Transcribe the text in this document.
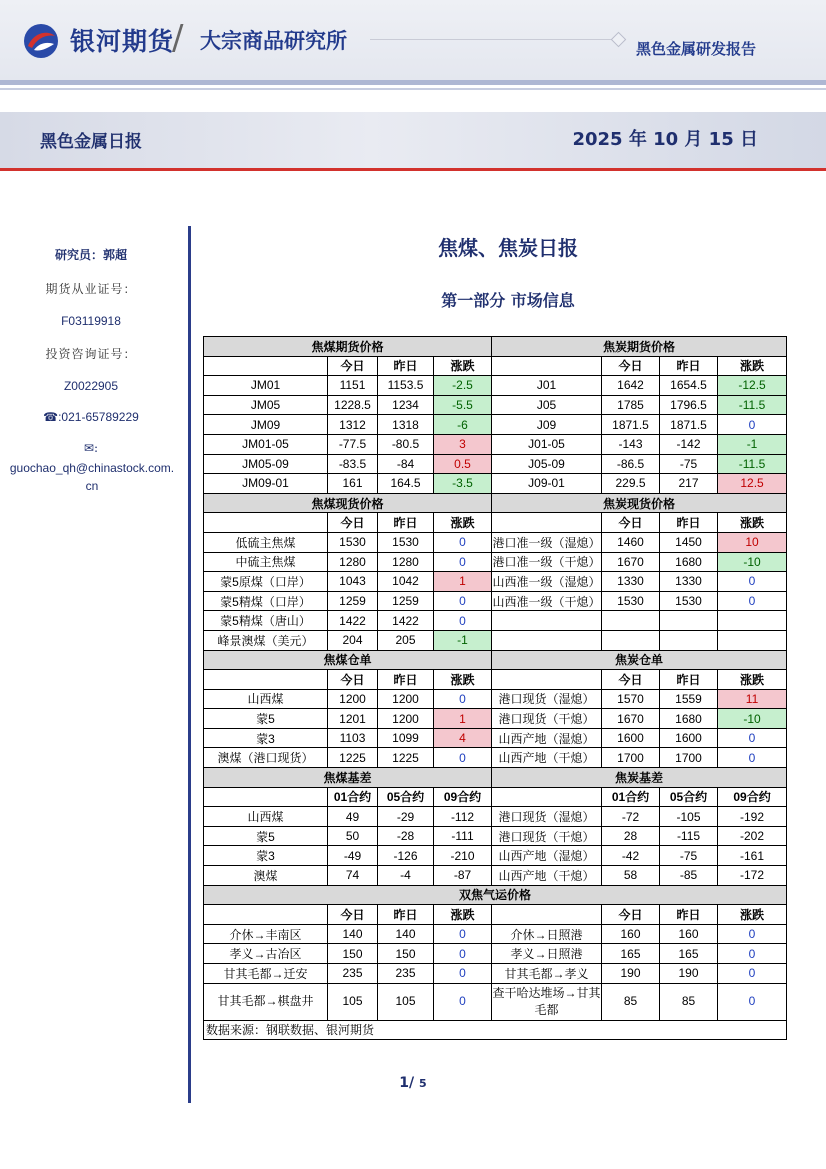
银河期货
/ 大宗商品研究所	黑色金属研发报告
黑色金属日报	2025 年 10 月 15 日

研究员：郭超

期货从业证号：

F03119918

投资咨询证号：

Z0022905

☎:021-65789229

✉:

guochao_qh@chinastock.com.cn

焦煤、焦炭日报
第一部分 市场信息
焦煤期货价格				焦炭期货价格			
	今日	昨日	涨跌		今日	昨日	涨跌
JM01	1151	1153.5	-2.5	J01	1642	1654.5	-12.5
JM05	1228.5	1234	-5.5	J05	1785	1796.5	-11.5
JM09	1312	1318	-6	J09	1871.5	1871.5	0
JM01-05	-77.5	-80.5	3	J01-05	-143	-142	-1
JM05-09	-83.5	-84	0.5	J05-09	-86.5	-75	-11.5
JM09-01	161	164.5	-3.5	J09-01	229.5	217	12.5
焦煤现货价格				焦炭现货价格			
	今日	昨日	涨跌		今日	昨日	涨跌
低硫主焦煤	1530	1530	0	港口准一级（湿熄）	1460	1450	10
中硫主焦煤	1280	1280	0	港口准一级（干熄）	1670	1680	-10
蒙5原煤（口岸）	1043	1042	1	山西准一级（湿熄）	1330	1330	0
蒙5精煤（口岸）	1259	1259	0	山西准一级（干熄）	1530	1530	0
蒙5精煤（唐山）	1422	1422	0				
峰景澳煤（美元）	204	205	-1				
焦煤仓单				焦炭仓单			
	今日	昨日	涨跌		今日	昨日	涨跌
山西煤	1200	1200	0	港口现货（湿熄）	1570	1559	11
蒙5	1201	1200	1	港口现货（干熄）	1670	1680	-10
蒙3	1103	1099	4	山西产地（湿熄）	1600	1600	0
澳煤（港口现货）	1225	1225	0	山西产地（干熄）	1700	1700	0
焦煤基差				焦炭基差			
	01合约	05合约	09合约		01合约	05合约	09合约
山西煤	49	-29	-112	港口现货（湿熄）	-72	-105	-192
蒙5	50	-28	-111	港口现货（干熄）	28	-115	-202
蒙3	-49	-126	-210	山西产地（湿熄）	-42	-75	-161
澳煤	74	-4	-87	山西产地（干熄）	58	-85	-172
双焦气运价格							
	今日	昨日	涨跌		今日	昨日	涨跌
介休→丰南区	140	140	0	介休→日照港	160	160	0
孝义→古冶区	150	150	0	孝义→日照港	165	165	0
甘其毛都→迁安	235	235	0	甘其毛都→孝义	190	190	0
甘其毛都→棋盘井	105	105	0	查干哈达堆场→甘其毛都	85	85	0
数据来源：钢联数据、银河期货							
1/ 5
